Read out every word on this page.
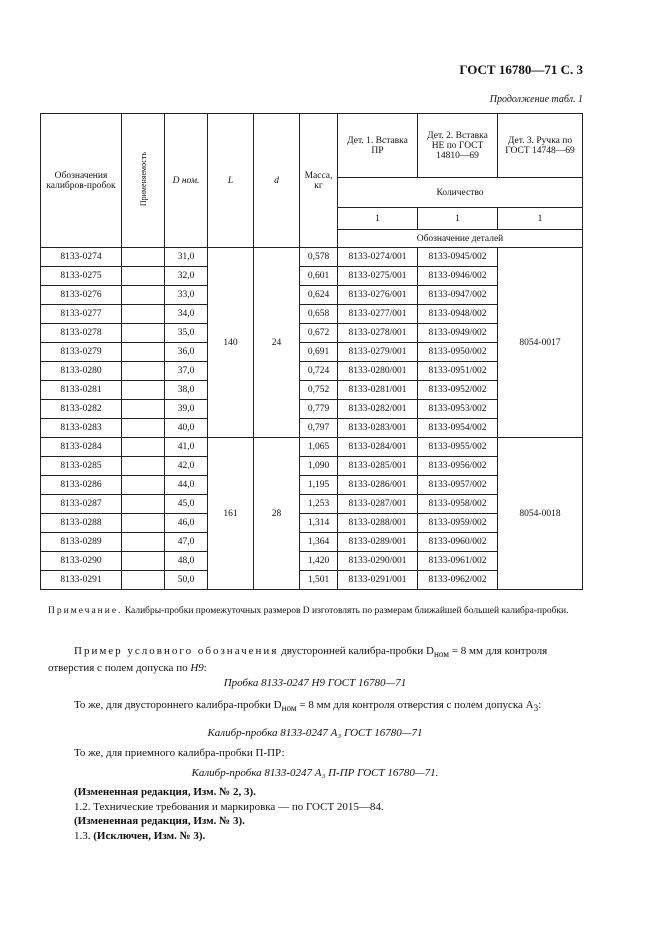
ГОСТ 16780—71 С. 3
Продолжение табл. 1
Обозначения калибров-пробок	Применяемость	D ном.	L	d	Масса, кг	Дет. 1. Вставка ПР	Дет. 2. Вставка НЕ по ГОСТ 14810—69	Дет. 3. Ручка по ГОСТ 14748—69
						Количество		
						1	1	1
						Обозначение деталей		
8133-0274		31,0	140	24	0,578	8133-0274/001	8133-0945/002	8054-0017
8133-0275		32,0			0,601	8133-0275/001	8133-0946/002	
8133-0276		33,0			0,624	8133-0276/001	8133-0947/002	
8133-0277		34,0			0,658	8133-0277/001	8133-0948/002	
8133-0278		35,0			0,672	8133-0278/001	8133-0949/002	
8133-0279		36,0			0,691	8133-0279/001	8133-0950/002	
8133-0280		37,0			0,724	8133-0280/001	8133-0951/002	
8133-0281		38,0			0,752	8133-0281/001	8133-0952/002	
8133-0282		39,0			0,779	8133-0282/001	8133-0953/002	
8133-0283		40,0			0,797	8133-0283/001	8133-0954/002	
8133-0284		41,0	161	28	1,065	8133-0284/001	8133-0955/002	8054-0018
8133-0285		42,0			1,090	8133-0285/001	8133-0956/002	
8133-0286		44,0			1,195	8133-0286/001	8133-0957/002	
8133-0287		45,0			1,253	8133-0287/001	8133-0958/002	
8133-0288		46,0			1,314	8133-0288/001	8133-0959/002	
8133-0289		47,0			1,364	8133-0289/001	8133-0960/002	
8133-0290		48,0			1,420	8133-0290/001	8133-0961/002	
8133-0291		50,0			1,501	8133-0291/001	8133-0962/002	
Примечание. Калибры-пробки промежуточных размеров D изготовлять по размерам ближайшей большей калибра-пробки.
Пример условного обозначения двусторонней калибра-пробки $D_{ном} = 8$ мм для контроля отверстия с полем допуска по H9:
Пробка 8133-0247 H9 ГОСТ 16780—71
То же, для двустороннего калибра-пробки $D_{ном} = 8$ мм для контроля отверстия с полем допуска $A_3$:
Калибр-пробка 8133-0247 А₃ ГОСТ 16780—71
То же, для приемного калибра-пробки П-ПР:
Калибр-пробка 8133-0247 А₃ П-ПР ГОСТ 16780—71.
(Измененная редакция, Изм. № 2, 3).
1.2. Технические требования и маркировка — по ГОСТ 2015—84.
(Измененная редакция, Изм. № 3).
1.3. (Исключен, Изм. № 3).
